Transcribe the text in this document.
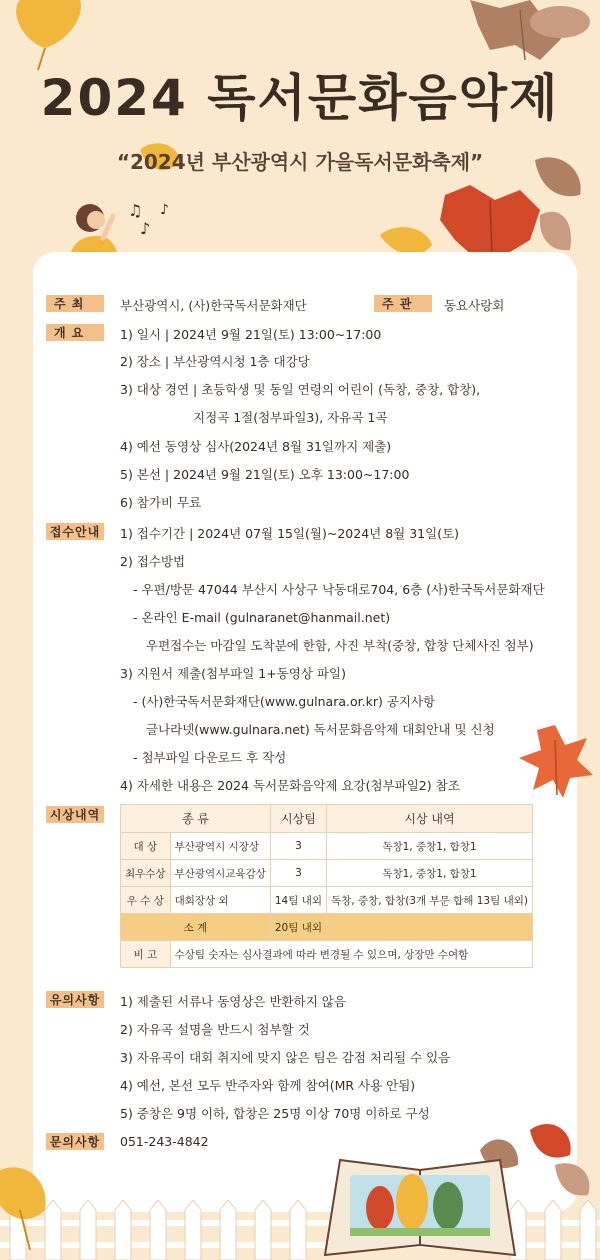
♫
♪
♪
2024 독서문화음악제
“2024년 부산광역시 가을독서문화축제”
주 최	부산광역시, (사)한국독서문화재단	주 관	동요사랑회
개 요	1) 일시 | 2024년 9월 21일(토) 13:00~17:00
2) 장소 | 부산광역시청 1층 대강당
3) 대상 경연 | 초등학생 및 동일 연령의 어린이 (독창, 중창, 합창),
지정곡 1절(첨부파일3), 자유곡 1곡
4) 예선 동영상 심사(2024년 8월 31일까지 제출)
5) 본선 | 2024년 9월 21일(토) 오후 13:00~17:00
6) 참가비 무료
접수안내 1) 접수기간 | 2024년 07월 15일(월)~2024년 8월 31일(토)
2) 접수방법
- 우편/방문 47044 부산시 사상구 낙동대로704, 6층 (사)한국독서문화재단
- 온라인 E-mail (gulnaranet@hanmail.net)
우편접수는 마감일 도착분에 한함, 사진 부착(중창, 합창 단체사진 첨부)
3) 지원서 제출(첨부파일 1+동영상 파일)
- (사)한국독서문화재단(www.gulnara.or.kr) 공지사항
글나라넷(www.gulnara.net) 독서문화음악제 대회안내 및 신청
- 첨부파일 다운로드 후 작성
4) 자세한 내용은 2024 독서문화음악제 요강(첨부파일2) 참조
시상내역	종 류		시상팀	시상 내역
대 상	부산광역시 시장상	3	독창1, 중창1, 합창1
최우수상	부산광역시교육감상	3	독창1, 중창1, 합창1
우 수 상	대회장상 외	14팀 내외	독창, 중창, 합창(3개 부문 합해 13팀 내외)
소 계		20팀 내외	
비 고	수상팀 숫자는 심사결과에 따라 변경될 수 있으며, 상장만 수여함		
유의사항 1) 제출된 서류나 동영상은 반환하지 않음
2) 자유곡 설명을 반드시 첨부할 것
3) 자유곡이 대회 취지에 맞지 않은 팀은 감점 처리될 수 있음
4) 예선, 본선 모두 반주자와 함께 참여(MR 사용 안됨)
5) 중창은 9명 이하, 합창은 25명 이상 70명 이하로 구성
문의사항 051-243-4842
